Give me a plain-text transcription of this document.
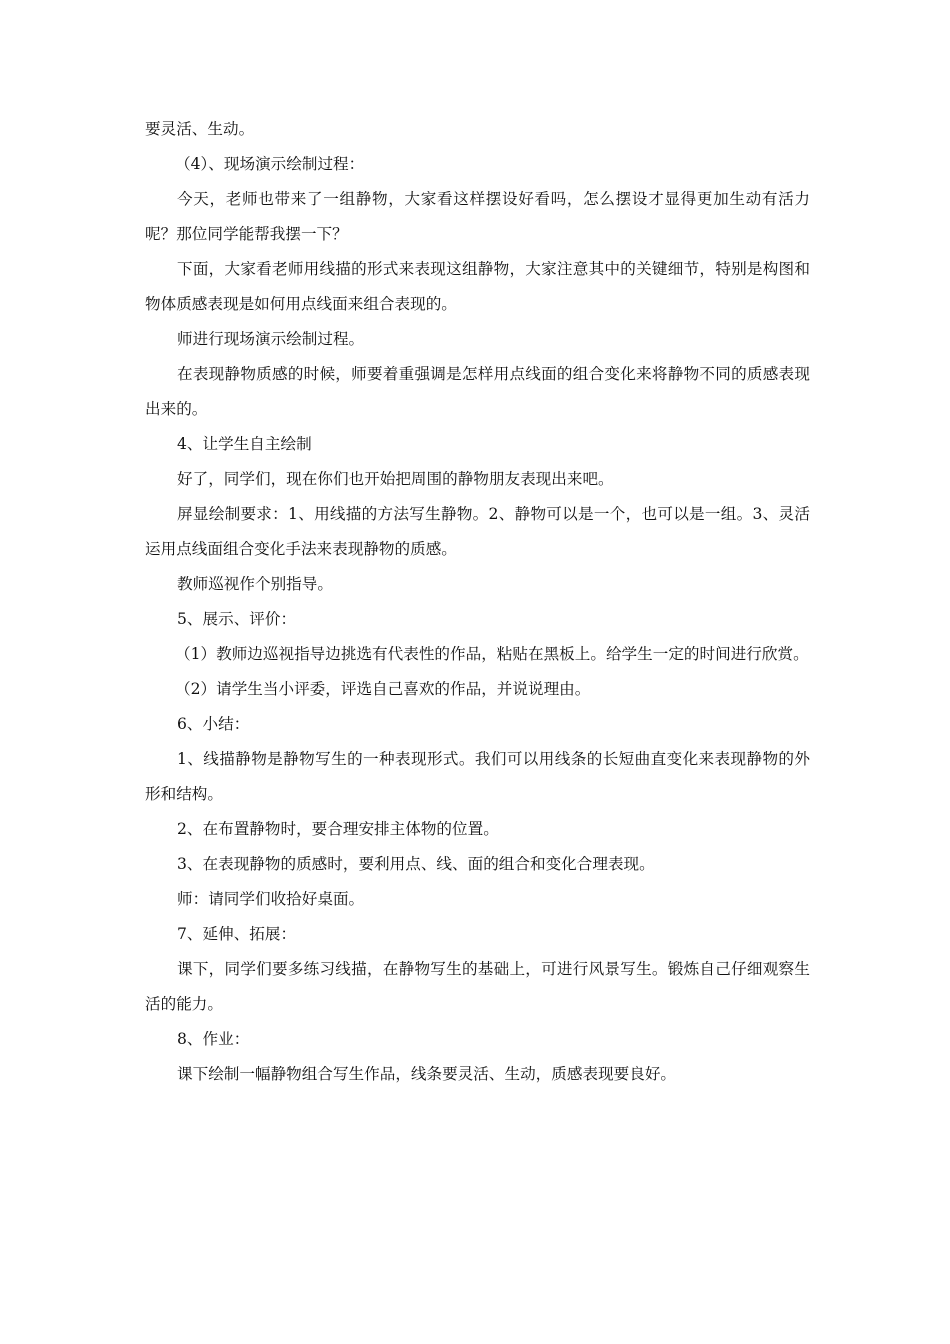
要灵活、生动。

（4）、现场演示绘制过程：

今天，老师也带来了一组静物，大家看这样摆设好看吗，怎么摆设才显得更加生动有活力呢？那位同学能帮我摆一下？

下面，大家看老师用线描的形式来表现这组静物，大家注意其中的关键细节，特别是构图和物体质感表现是如何用点线面来组合表现的。

师进行现场演示绘制过程。

在表现静物质感的时候，师要着重强调是怎样用点线面的组合变化来将静物不同的质感表现出来的。

4、让学生自主绘制

好了，同学们，现在你们也开始把周围的静物朋友表现出来吧。

屏显绘制要求：1、用线描的方法写生静物。2、静物可以是一个，也可以是一组。3、灵活运用点线面组合变化手法来表现静物的质感。

教师巡视作个别指导。

5、展示、评价：

（1）教师边巡视指导边挑选有代表性的作品，粘贴在黑板上。给学生一定的时间进行欣赏。

（2）请学生当小评委，评选自己喜欢的作品，并说说理由。

6、小结：

1、线描静物是静物写生的一种表现形式。我们可以用线条的长短曲直变化来表现静物的外形和结构。

2、在布置静物时，要合理安排主体物的位置。

3、在表现静物的质感时，要利用点、线、面的组合和变化合理表现。

师：请同学们收拾好桌面。

7、延伸、拓展：

课下，同学们要多练习线描，在静物写生的基础上，可进行风景写生。锻炼自己仔细观察生活的能力。

8、作业：

课下绘制一幅静物组合写生作品，线条要灵活、生动，质感表现要良好。
